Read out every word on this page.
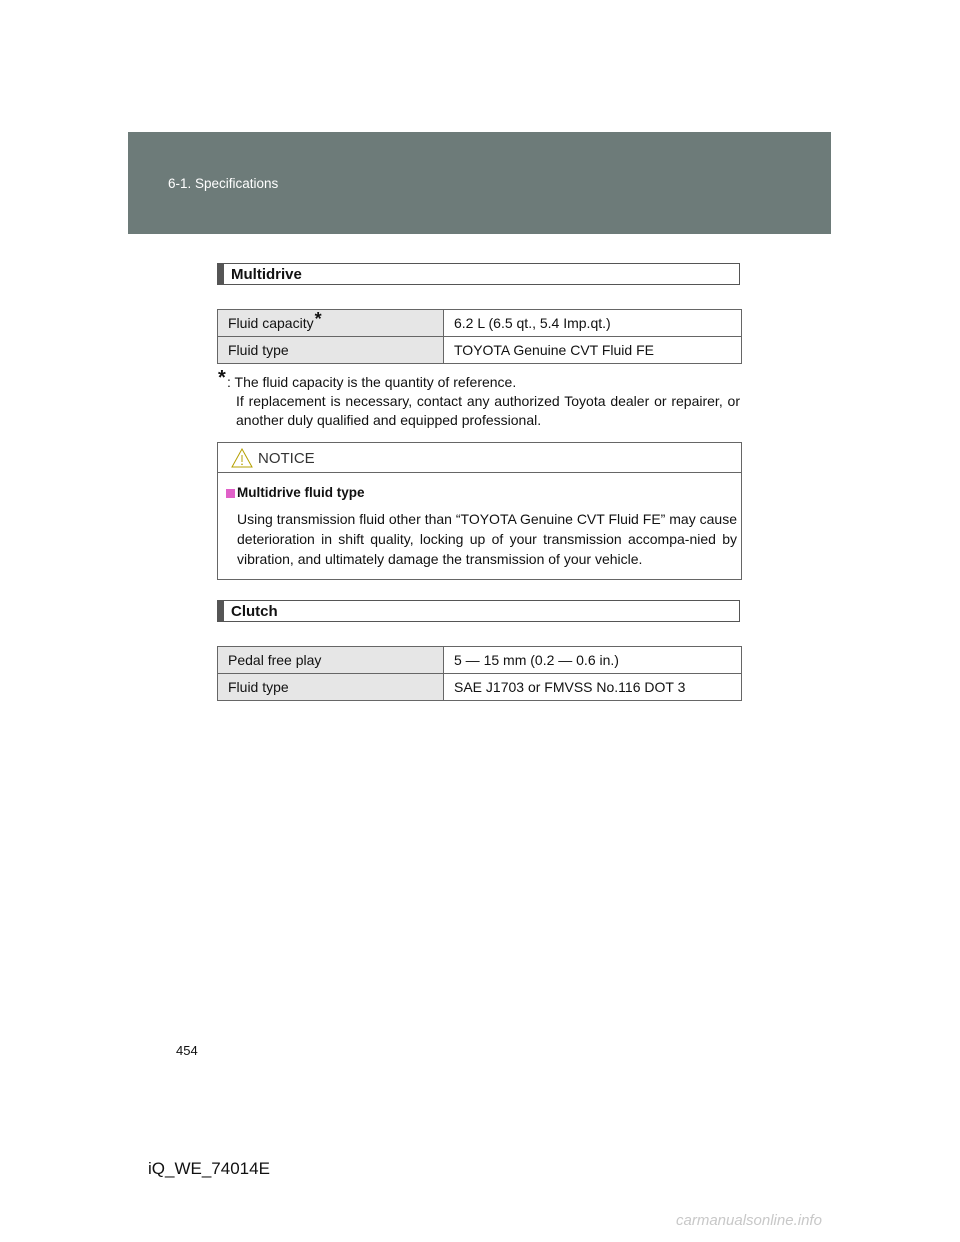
6-1. Specifications
Multidrive
Fluid capacity*	6.2 L (6.5 qt., 5.4 Imp.qt.)
Fluid type	TOYOTA Genuine CVT Fluid FE
* : The fluid capacity is the quantity of reference.
If replacement is necessary, contact any authorized Toyota dealer or repairer, or another duly qualified and equipped professional.
NOTICE
Multidrive fluid type
Using transmission fluid other than “TOYOTA Genuine CVT Fluid FE” may cause deterioration in shift quality, locking up of your transmission accompa-nied by vibration, and ultimately damage the transmission of your vehicle.
Clutch
Pedal free play	5 — 15 mm (0.2 — 0.6 in.)
Fluid type	SAE J1703 or FMVSS No.116 DOT 3
454
iQ_WE_74014E
carmanualsonline.info
